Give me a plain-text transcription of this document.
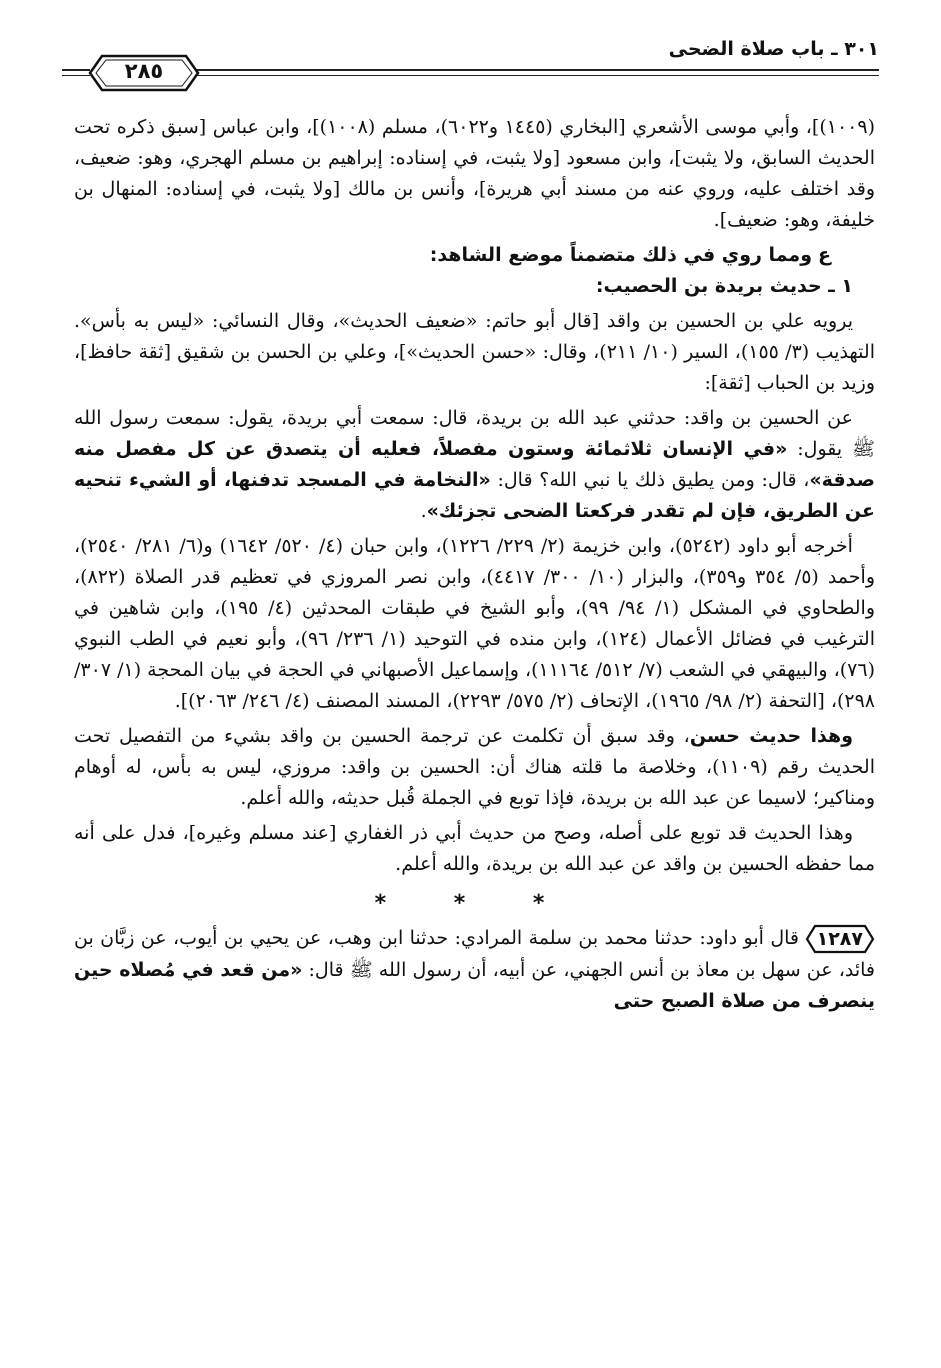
٣٠١ ـ باب صلاة الضحى
٢٨٥

(١٠٠٩)]، وأبي موسى الأشعري [البخاري (١٤٤٥ و٦٠٢٢)، مسلم (١٠٠٨)]، وابن عباس [سبق ذكره تحت الحديث السابق، ولا يثبت]، وابن مسعود [ولا يثبت، في إسناده: إبراهيم بن مسلم الهجري، وهو: ضعيف، وقد اختلف عليه، وروي عنه من مسند أبي هريرة]، وأنس بن مالك [ولا يثبت، في إسناده: المنهال بن خليفة، وهو: ضعيف].

عومما روي في ذلك متضمناً موضع الشاهد:

١ ـ حديث بريدة بن الحصيب:

يرويه علي بن الحسين بن واقد [قال أبو حاتم: «ضعيف الحديث»، وقال النسائي: «ليس به بأس». التهذيب (٣/ ١٥٥)، السير (١٠/ ٢١١)، وقال: «حسن الحديث»]، وعلي بن الحسن بن شقيق [ثقة حافظ]، وزيد بن الحباب [ثقة]:

عن الحسين بن واقد: حدثني عبد الله بن بريدة، قال: سمعت أبي بريدة، يقول: سمعت رسول الله ﷺ يقول: «في الإنسان ثلاثمائة وستون مفصلاً، فعليه أن يتصدق عن كل مفصل منه صدقة»، قال: ومن يطيق ذلك يا نبي الله؟ قال: «النخامة في المسجد تدفنها، أو الشيء تنحيه عن الطريق، فإن لم تقدر فركعتا الضحى تجزئك».

أخرجه أبو داود (٥٢٤٢)، وابن خزيمة (٢/ ٢٢٩/ ١٢٢٦)، وابن حبان (٤/ ٥٢٠/ ١٦٤٢) و(٦/ ٢٨١/ ٢٥٤٠)، وأحمد (٥/ ٣٥٤ و٣٥٩)، والبزار (١٠/ ٣٠٠/ ٤٤١٧)، وابن نصر المروزي في تعظيم قدر الصلاة (٨٢٢)، والطحاوي في المشكل (١/ ٩٤/ ٩٩)، وأبو الشيخ في طبقات المحدثين (٤/ ١٩٥)، وابن شاهين في الترغيب في فضائل الأعمال (١٢٤)، وابن منده في التوحيد (١/ ٢٣٦/ ٩٦)، وأبو نعيم في الطب النبوي (٧٦)، والبيهقي في الشعب (٧/ ٥١٢/ ١١١٦٤)، وإسماعيل الأصبهاني في الحجة في بيان المحجة (١/ ٣٠٧/ ٢٩٨)، [التحفة (٢/ ٩٨/ ١٩٦٥)، الإتحاف (٢/ ٥٧٥/ ٢٢٩٣)، المسند المصنف (٤/ ٢٤٦/ ٢٠٦٣)].

وهذا حديث حسن، وقد سبق أن تكلمت عن ترجمة الحسين بن واقد بشيء من التفصيل تحت الحديث رقم (١١٠٩)، وخلاصة ما قلته هناك أن: الحسين بن واقد: مروزي، ليس به بأس، له أوهام ومناكير؛ لاسيما عن عبد الله بن بريدة، فإذا توبع في الجملة قُبل حديثه، والله أعلم.

وهذا الحديث قد توبع على أصله، وصح من حديث أبي ذر الغفاري [عند مسلم وغيره]، فدل على أنه مما حفظه الحسين بن واقد عن عبد الله بن بريدة، والله أعلم.

* * *

١٢٨٧
قال أبو داود: حدثنا محمد بن سلمة المرادي: حدثنا ابن وهب، عن يحيي بن أيوب، عن زبَّان بن فائد، عن سهل بن معاذ بن أنس الجهني، عن أبيه، أن رسول الله ﷺ قال: «من قعد في مُصلاه حين ينصرف من صلاة الصبح حتى
